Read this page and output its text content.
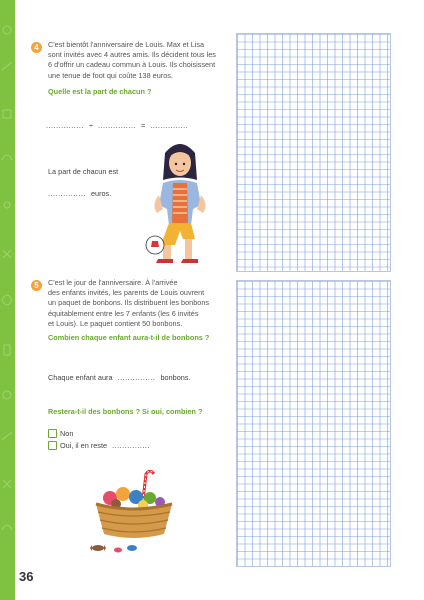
36
4	C'est bientôt l'anniversaire de Louis. Max et Lisa
sont invités avec 4 autres amis. Ils décident tous les
6 d'offrir un cadeau commun à Louis. Ils choisissent
une tenue de foot qui coûte 138 euros.

Quelle est la part de chacun ?

............... ÷ ............... = ...............
La part de chacun est
............... euros.
5	C'est le jour de l'anniversaire. À l'arrivée
des enfants invités, les parents de Louis ouvrent
un paquet de bonbons. Ils distribuent les bonbons
équitablement entre les 7 enfants (les 6 invités
et Louis). Le paquet contient 50 bonbons.

Combien chaque enfant aura-t-il de bonbons ?

Chaque enfant aura ............... bonbons.
Restera-t-il des bonbons ? Si oui, combien ?
Non
Oui, il en reste ...............
